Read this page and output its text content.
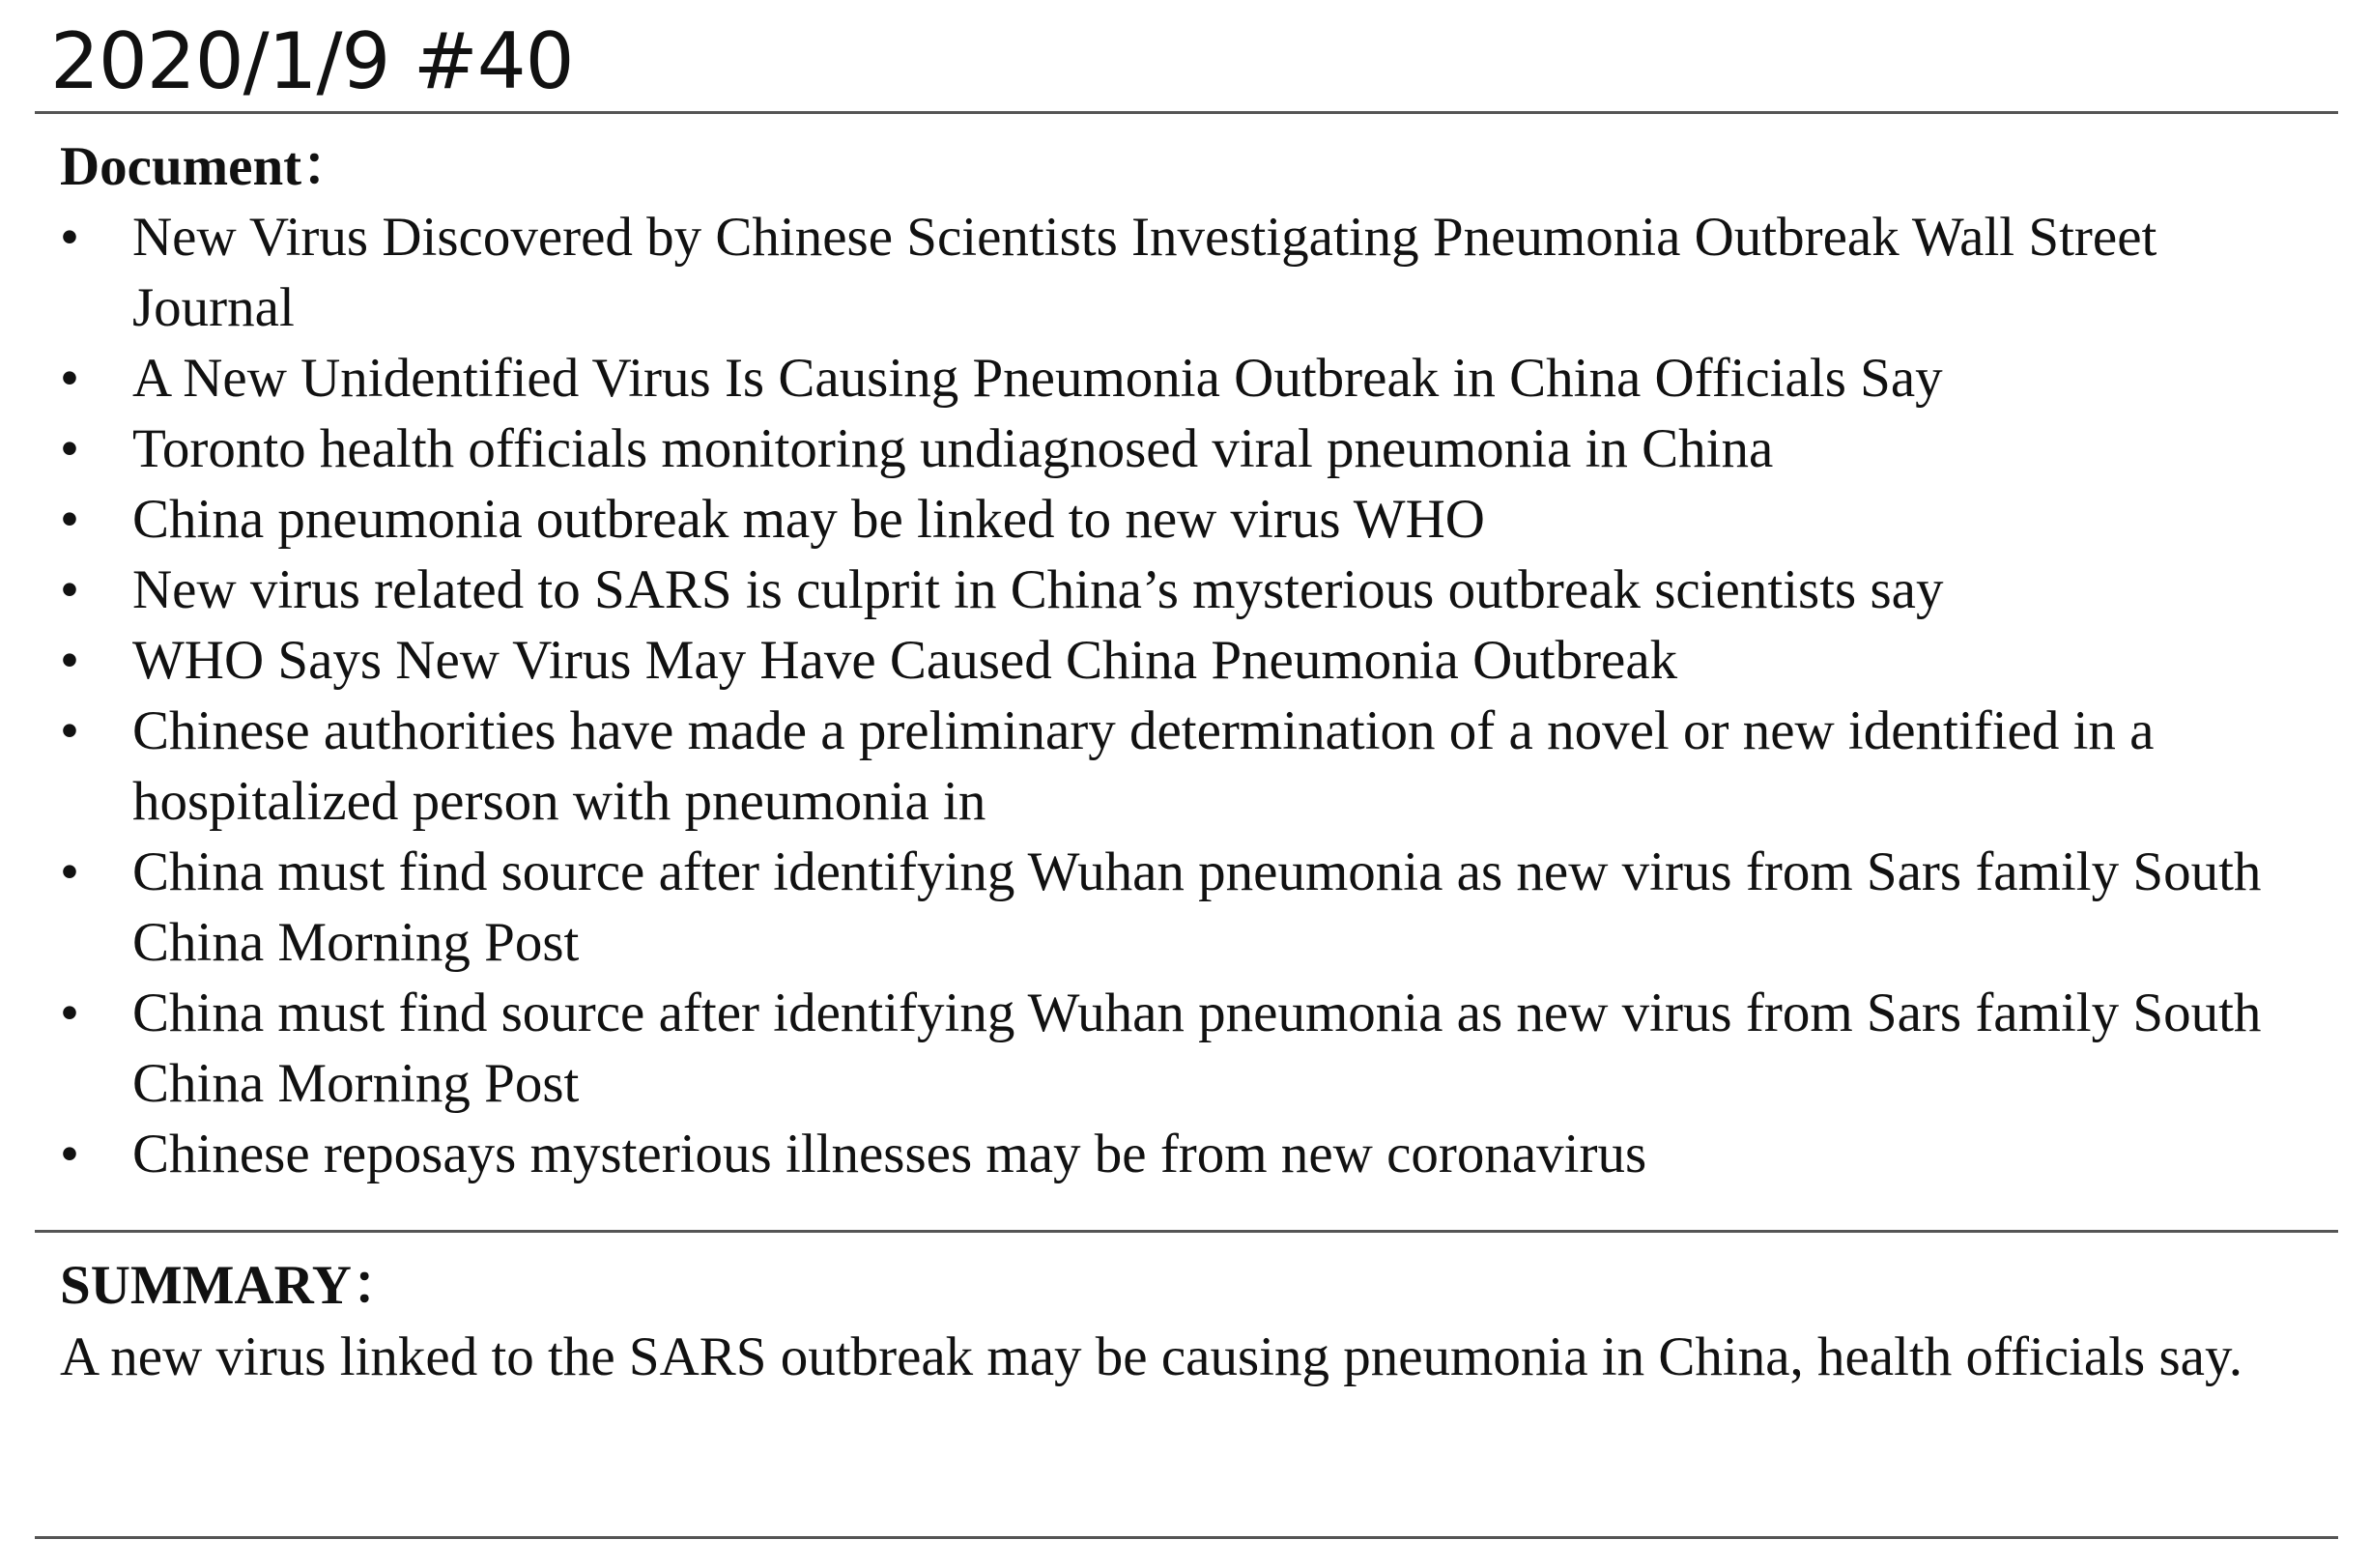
2020/1/9 #40
Document：
• New Virus Discovered by Chinese Scientists Investigating Pneumonia Outbreak Wall Street Journal
• A New Unidentified Virus Is Causing Pneumonia Outbreak in China Officials Say
• Toronto health officials monitoring undiagnosed viral pneumonia in China
• China pneumonia outbreak may be linked to new virus WHO
• New virus related to SARS is culprit in China’s mysterious outbreak scientists say
• WHO Says New Virus May Have Caused China Pneumonia Outbreak
• Chinese authorities have made a preliminary determination of a novel or new identified in a hospitalized person with pneumonia in
• China must find source after identifying Wuhan pneumonia as new virus from Sars family South China Morning Post
• China must find source after identifying Wuhan pneumonia as new virus from Sars family South China Morning Post
• Chinese reposays mysterious illnesses may be from new coronavirus
SUMMARY：
A new virus linked to the SARS outbreak may be causing pneumonia in China, health officials say.
